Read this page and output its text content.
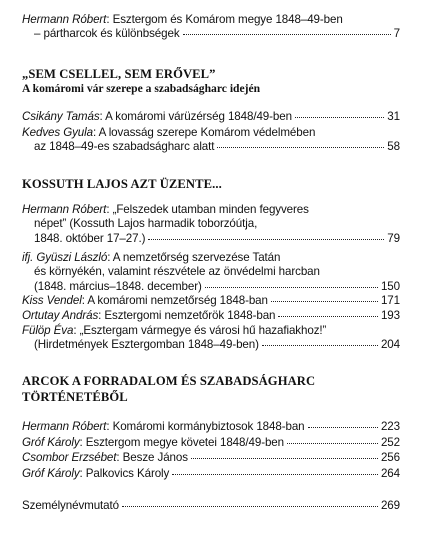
Hermann Róbert: Esztergom és Komárom megye 1848–49-ben
– pártharcok és különbségek	7
„SEM CSELLEL, SEM ERŐVEL”
A komáromi vár szerepe a szabadságharc idején
Csikány Tamás: A komáromi várüzérség 1848/49-ben	31
Kedves Gyula: A lovasság szerepe Komárom védelmében
az 1848–49-es szabadságharc alatt	58
KOSSUTH LAJOS AZT ÜZENTE...
Hermann Róbert: „Felszedek utamban minden fegyveres
népet” (Kossuth Lajos harmadik toborzóútja,
1848. október 17–27.)	79
ifj. Gyüszi László: A nemzetőrség szervezése Tatán
és környékén, valamint részvétele az önvédelmi harcban
(1848. március–1848. december)	150
Kiss Vendel: A komáromi nemzetőrség 1848-ban	171
Ortutay András: Esztergomi nemzetőrök 1848-ban	193
Fülöp Éva: „Esztergam vármegye és városi hű hazafiakhoz!”
(Hirdetmények Esztergomban 1848–49-ben)	204
ARCOK A FORRADALOM ÉS SZABADSÁGHARC
TÖRTÉNETÉBŐL
Hermann Róbert: Komáromi kormánybiztosok 1848-ban	223
Gróf Károly: Esztergom megye követei 1848/49-ben	252
Csombor Erzsébet: Besze János	256
Gróf Károly: Palkovics Károly	264
Személynévmutató	269
